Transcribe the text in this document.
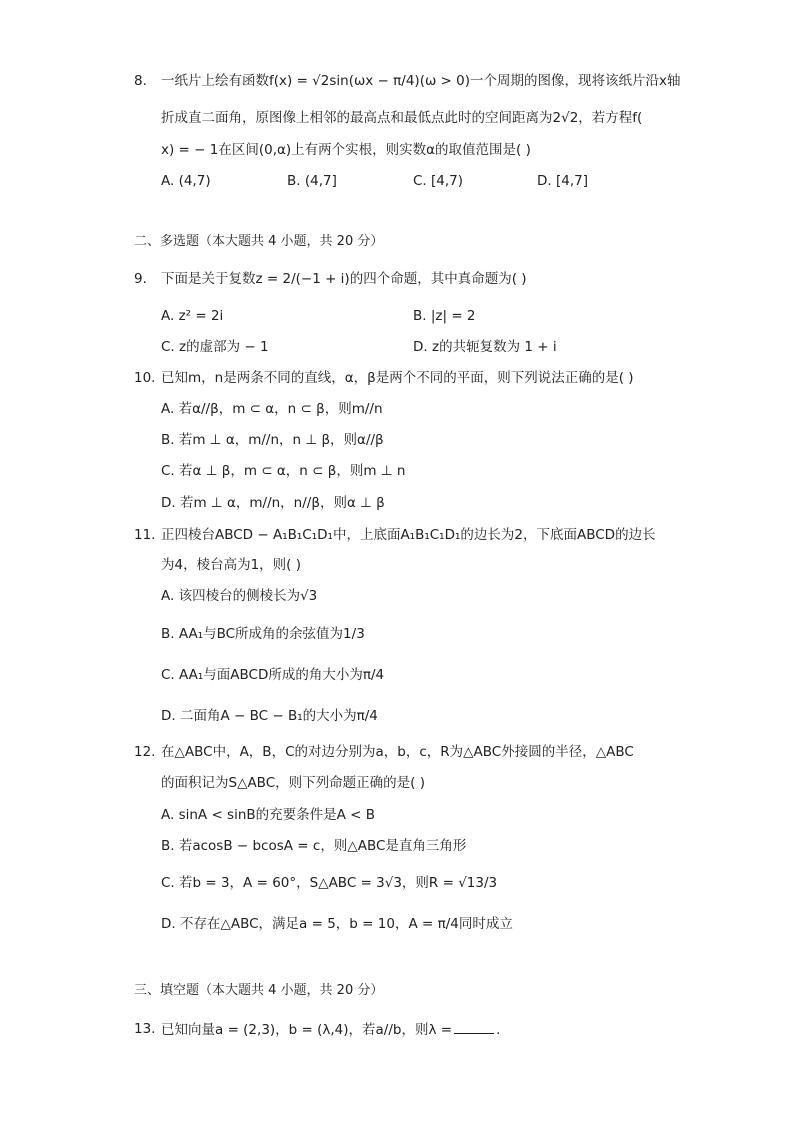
8. 一纸片上绘有函数f(x) = √2sin(ωx − π/4)(ω > 0)一个周期的图像，现将该纸片沿x轴
折成直二面角，原图像上相邻的最高点和最低点此时的空间距离为2√2，若方程f(
x) = − 1在区间(0,α)上有两个实根，则实数α的取值范围是( )
A. (4,7)	B. (4,7]	C. [4,7)	D. [4,7]
二、多选题（本大题共 4 小题，共 20 分）
9. 下面是关于复数z = 2/(−1 + i)的四个命题，其中真命题为( )
A. z² = 2i	B. |z| = 2
C. z的虚部为 − 1	D. z的共轭复数为 1 + i
10. 已知m，n是两条不同的直线，α，β是两个不同的平面，则下列说法正确的是( )
A. 若α//β，m ⊂ α，n ⊂ β，则m//n
B. 若m ⊥ α，m//n，n ⊥ β，则α//β
C. 若α ⊥ β，m ⊂ α，n ⊂ β，则m ⊥ n
D. 若m ⊥ α，m//n，n//β，则α ⊥ β
11. 正四棱台ABCD − A₁B₁C₁D₁中，上底面A₁B₁C₁D₁的边长为2，下底面ABCD的边长
为4，棱台高为1，则( )
A. 该四棱台的侧棱长为√3
B. AA₁与BC所成角的余弦值为1/3
C. AA₁与面ABCD所成的角大小为π/4
D. 二面角A − BC − B₁的大小为π/4
12. 在△ABC中，A，B，C的对边分别为a，b，c，R为△ABC外接圆的半径，△ABC
的面积记为S△ABC，则下列命题正确的是( )
A. sinA < sinB的充要条件是A < B
B. 若acosB − bcosA = c，则△ABC是直角三角形
C. 若b = 3，A = 60°，S△ABC = 3√3，则R = √13/3
D. 不存在△ABC，满足a = 5，b = 10，A = π/4同时成立
三、填空题（本大题共 4 小题，共 20 分）
13. 已知向量a = (2,3)，b = (λ,4)，若a//b，则λ =	.
